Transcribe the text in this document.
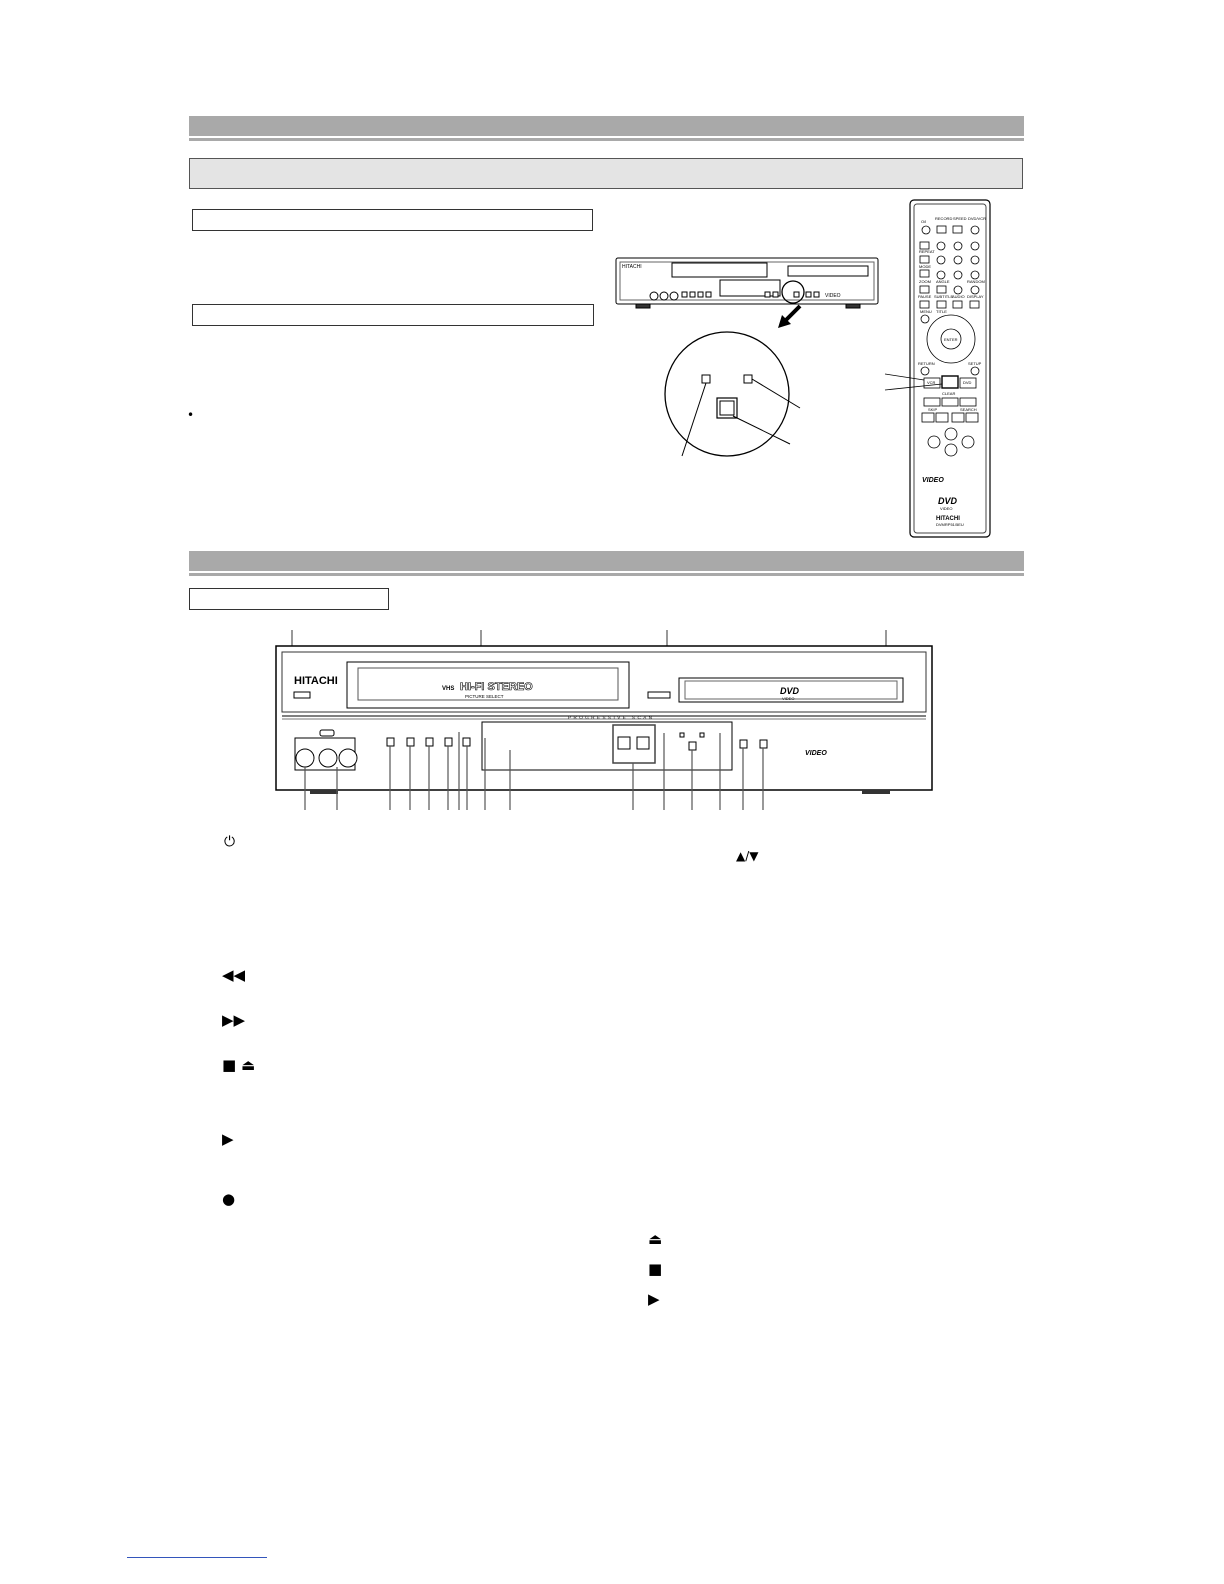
•
HITACHI
VIDEO
O/I
RECORD SPEED DVD/VCR
REPEAT
MODE
ZOOM ANGLE	RANDOM
PAUSE SUBTITLE
AUDIO DISPLAY
MENU TITLE
RETURN	SETUP
VCR	DVD
CLEAR
SKIP	SEARCH
ENTER
VIDEO
DVD
VIDEO
HITACHI
DVMRP51/5EU
HITACHI
VHS HI-FI STEREO
PICTURE SELECT
DVD
VIDEO
PROGRESSIVE SCAN
VIDEO
⏻
◀◀
▶▶
■ ⏏
▶
●
▲/▼
⏏
■
▶
